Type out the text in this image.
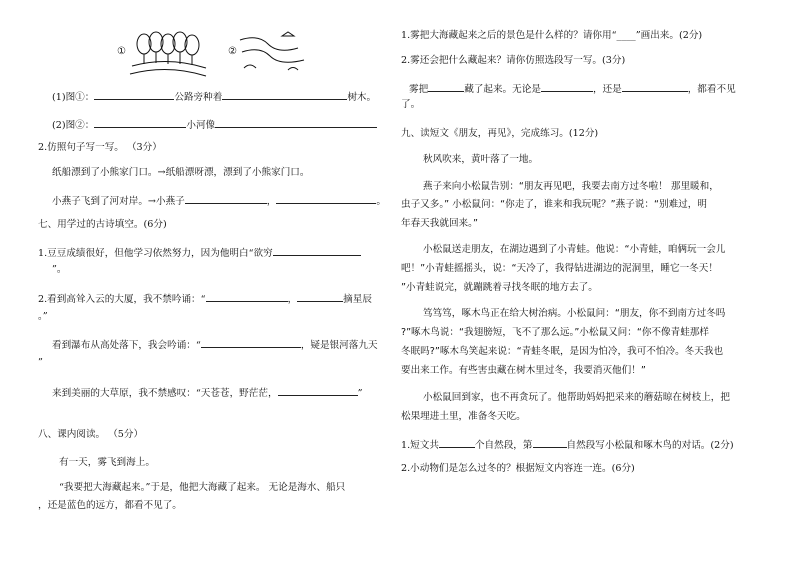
①	②
(1)图①：	公路旁种着	树木。
(2)图②：	小河像
2.仿照句子写一写。 （3分）
纸船漂到了小熊家门口。→纸船漂呀漂，漂到了小熊家门口。
小燕子飞到了河对岸。→小燕子	，	。
七、用学过的古诗填空。(6分)
1.豆豆成绩很好，但他学习依然努力，因为他明白“欲穷
”。
2.看到高耸入云的大厦，我不禁吟诵：“	，	摘星辰
。”
看到瀑布从高处落下，我会吟诵：“	，疑是银河落九天
”
来到美丽的大草原，我不禁感叹：“天苍苍，野茫茫，	”
八、课内阅读。 （5分）
有一天，雾飞到海上。
“我要把大海藏起来。”于是，他把大海藏了起来。 无论是海水、船只
，还是蓝色的远方，都看不见了。
1.雾把大海藏起来之后的景色是什么样的？请你用“____”画出来。(2分)
2.雾还会把什么藏起来？请你仿照选段写一写。(3分)
雾把	藏了起来。无论是	，还是	，都看不见
了。
九、读短文《朋友，再见》，完成练习。(12分)
秋风吹来，黄叶落了一地。
燕子来向小松鼠告别：“朋友再见吧，我要去南方过冬啦！ 那里暖和，
虫子又多。” 小松鼠问：“你走了，谁来和我玩呢？”燕子说：“别难过，明
年春天我就回来。”
小松鼠送走朋友，在湖边遇到了小青蛙。他说：“小青蛙，咱俩玩一会儿
吧！”小青蛙摇摇头，说：“天冷了，我得钻进湖边的泥洞里，睡它一冬天！
”小青蛙说完，就蹦跳着寻找冬眠的地方去了。
笃笃笃，啄木鸟正在给大树治病。小松鼠问：“朋友，你不到南方过冬吗
?”啄木鸟说：“我翅膀短，飞不了那么远。”小松鼠又问：“你不像青蛙那样
冬眠吗?”啄木鸟笑起来说：“青蛙冬眠，是因为怕冷，我可不怕冷。冬天我也
要出来工作。有些害虫藏在树木里过冬，我要消灭他们！”
小松鼠回到家，也不再贪玩了。他帮助妈妈把采来的蘑菇晾在树枝上，把
松果埋进土里，准备冬天吃。
1.短文共	个自然段，第	自然段写小松鼠和啄木鸟的对话。(2分)
2.小动物们是怎么过冬的？根据短文内容连一连。(6分)
